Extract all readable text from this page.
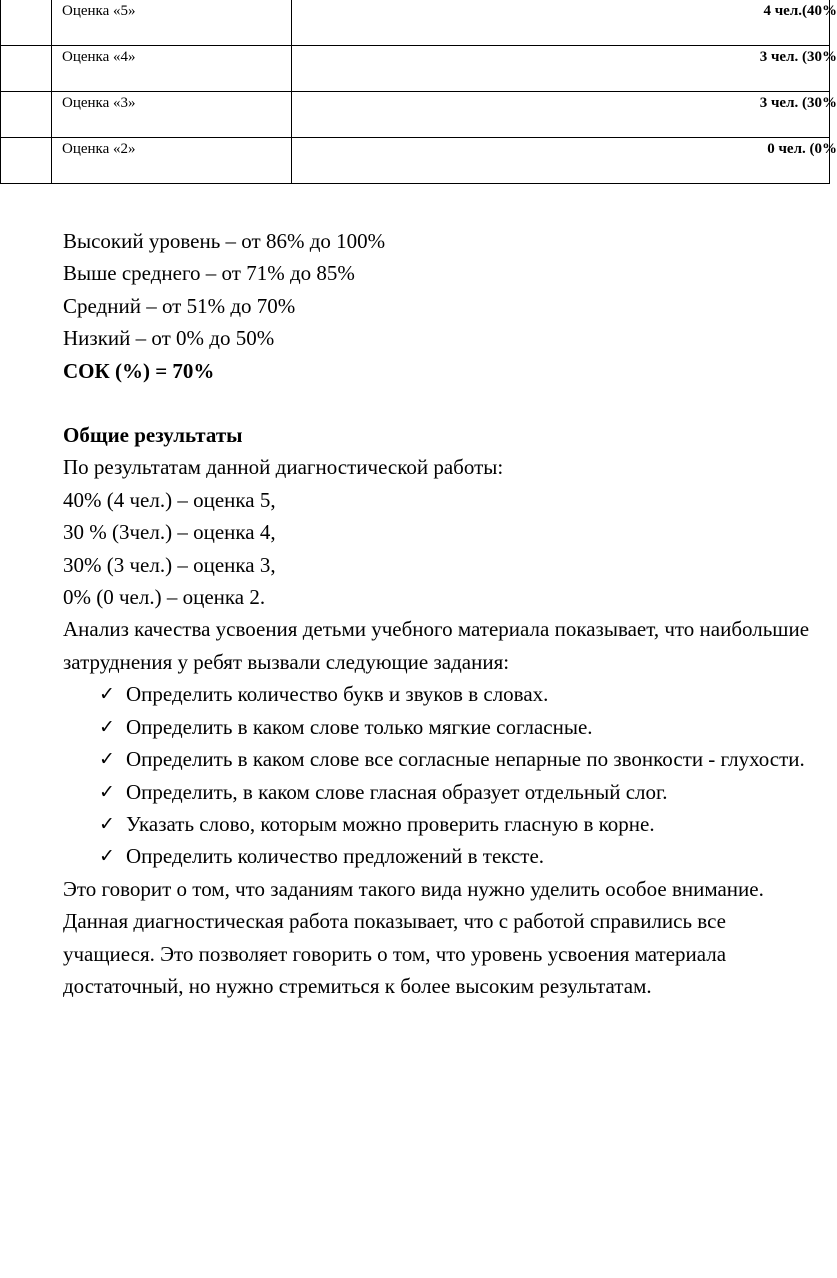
	Оценка «5»	4 чел.(40%
	Оценка «4»	3 чел. (30%
	Оценка «3»	3 чел. (30%
	Оценка «2»	0 чел. (0%

Высокий уровень – от 86% до 100%

Выше среднего – от 71% до 85%

Средний – от 51% до 70%

Низкий – от 0% до 50%

СОК (%) = 70%

Общие результаты

По результатам данной диагностической работы:

40% (4 чел.) – оценка 5,

30 % (3чел.) – оценка 4,

30% (3 чел.) – оценка 3,

0% (0 чел.) – оценка 2.

Анализ качества усвоения детьми учебного материала показывает, что наибольшие затруднения у ребят вызвали следующие задания:

✓ Определить количество букв и звуков в словах.
✓ Определить в каком слове только мягкие согласные.
✓ Определить в каком слове все согласные непарные по звонкости - глухости.
✓ Определить, в каком слове гласная образует отдельный слог.
✓ Указать слово, которым можно проверить гласную в корне.
✓ Определить количество предложений в тексте.

Это говорит о том, что заданиям такого вида нужно уделить особое внимание.

Данная диагностическая работа показывает, что с работой справились все учащиеся. Это позволяет говорить о том, что уровень усвоения материала достаточный, но нужно стремиться к более высоким результатам.
